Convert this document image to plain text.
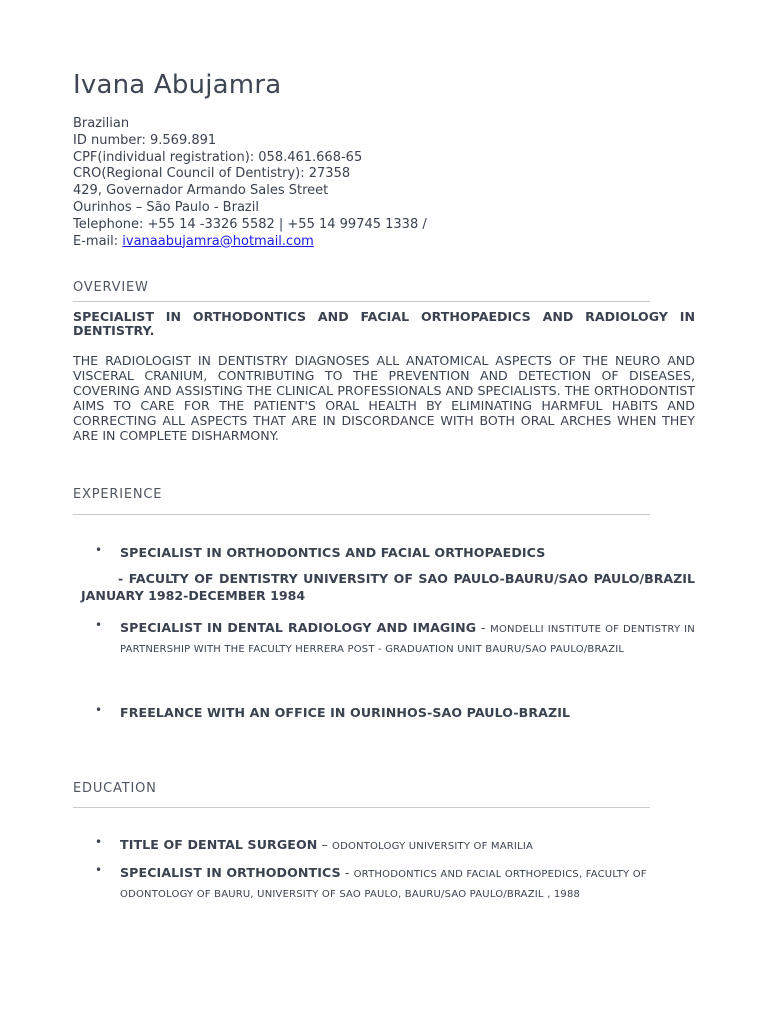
Ivana Abujamra
Brazilian
ID number: 9.569.891
CPF(individual registration): 058.461.668-65
CRO(Regional Council of Dentistry): 27358
429, Governador Armando Sales Street
Ourinhos – São Paulo - Brazil
Telephone: +55 14 -3326 5582 | +55 14 99745 1338 /
E-mail: ivanaabujamra@hotmail.com
OVERVIEW
SPECIALIST IN ORTHODONTICS AND FACIAL ORTHOPAEDICS AND RADIOLOGY IN DENTISTRY.
THE RADIOLOGIST IN DENTISTRY DIAGNOSES ALL ANATOMICAL ASPECTS OF THE NEURO AND VISCERAL CRANIUM, CONTRIBUTING TO THE PREVENTION AND DETECTION OF DISEASES, COVERING AND ASSISTING THE CLINICAL PROFESSIONALS AND SPECIALISTS. THE ORTHODONTIST AIMS TO CARE FOR THE PATIENT'S ORAL HEALTH BY ELIMINATING HARMFUL HABITS AND CORRECTING ALL ASPECTS THAT ARE IN DISCORDANCE WITH BOTH ORAL ARCHES WHEN THEY ARE IN COMPLETE DISHARMONY.
EXPERIENCE
• SPECIALIST IN ORTHODONTICS AND FACIAL ORTHOPAEDICS
- FACULTY OF DENTISTRY UNIVERSITY OF SAO PAULO-BAURU/SAO PAULO/BRAZIL JANUARY 1982-DECEMBER 1984
• SPECIALIST IN DENTAL RADIOLOGY AND IMAGING - MONDELLI INSTITUTE OF DENTISTRY IN PARTNERSHIP WITH THE FACULTY HERRERA POST - GRADUATION UNIT BAURU/SAO PAULO/BRAZIL
• FREELANCE WITH AN OFFICE IN OURINHOS-SAO PAULO-BRAZIL
EDUCATION
• TITLE OF DENTAL SURGEON – ODONTOLOGY UNIVERSITY OF MARILIA
• SPECIALIST IN ORTHODONTICS - ORTHODONTICS AND FACIAL ORTHOPEDICS, FACULTY OF ODONTOLOGY OF BAURU, UNIVERSITY OF SAO PAULO, BAURU/SAO PAULO/BRAZIL , 1988
